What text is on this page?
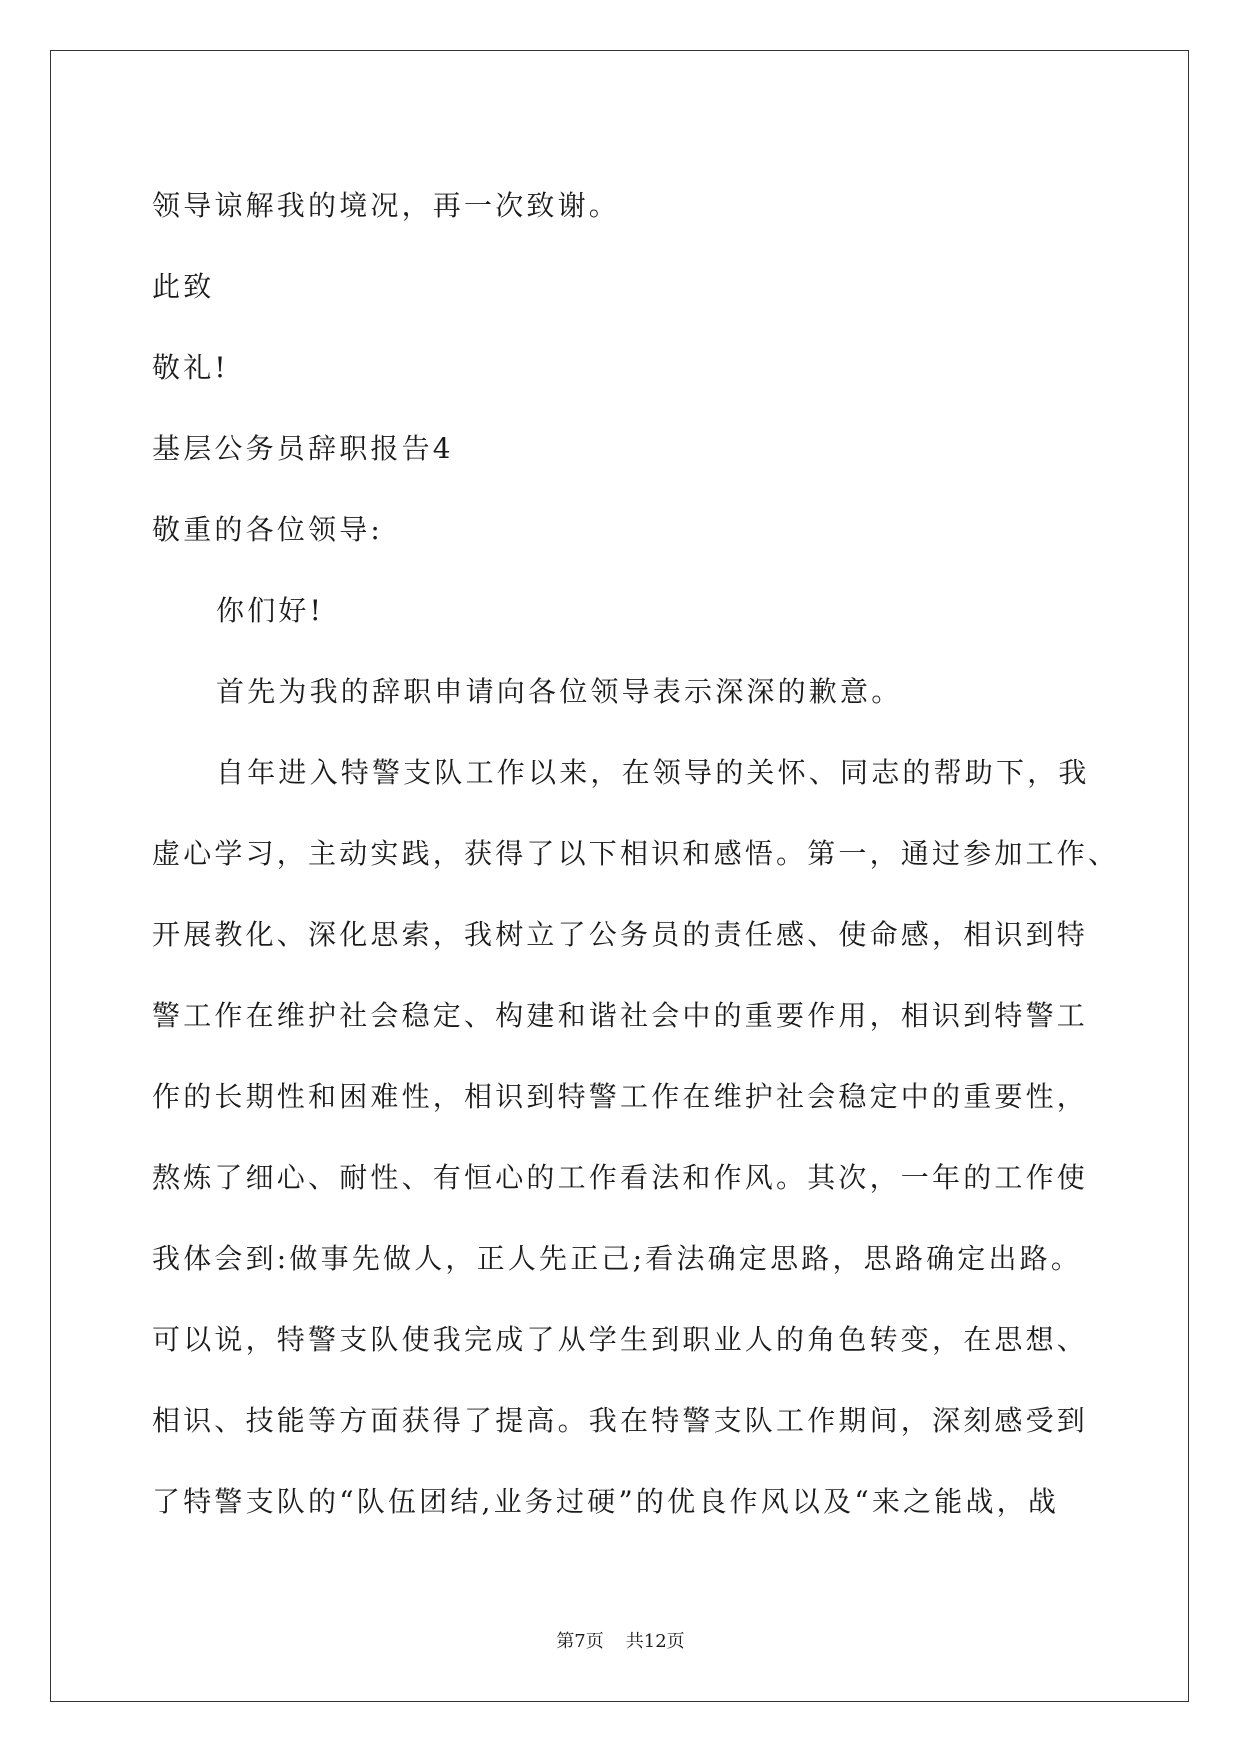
领导谅解我的境况，再一次致谢。
此致
敬礼!
基层公务员辞职报告4
敬重的各位领导:
你们好!
首先为我的辞职申请向各位领导表示深深的歉意。
自年进入特警支队工作以来，在领导的关怀、同志的帮助下，我
虚心学习，主动实践，获得了以下相识和感悟。第一，通过参加工作、
开展教化、深化思索，我树立了公务员的责任感、使命感，相识到特
警工作在维护社会稳定、构建和谐社会中的重要作用，相识到特警工
作的长期性和困难性，相识到特警工作在维护社会稳定中的重要性，
熬炼了细心、耐性、有恒心的工作看法和作风。其次，一年的工作使
我体会到:做事先做人，正人先正己;看法确定思路，思路确定出路。
可以说，特警支队使我完成了从学生到职业人的角色转变，在思想、
相识、技能等方面获得了提高。我在特警支队工作期间，深刻感受到
了特警支队的“队伍团结,业务过硬”的优良作风以及“来之能战，战
第7页 共12页
